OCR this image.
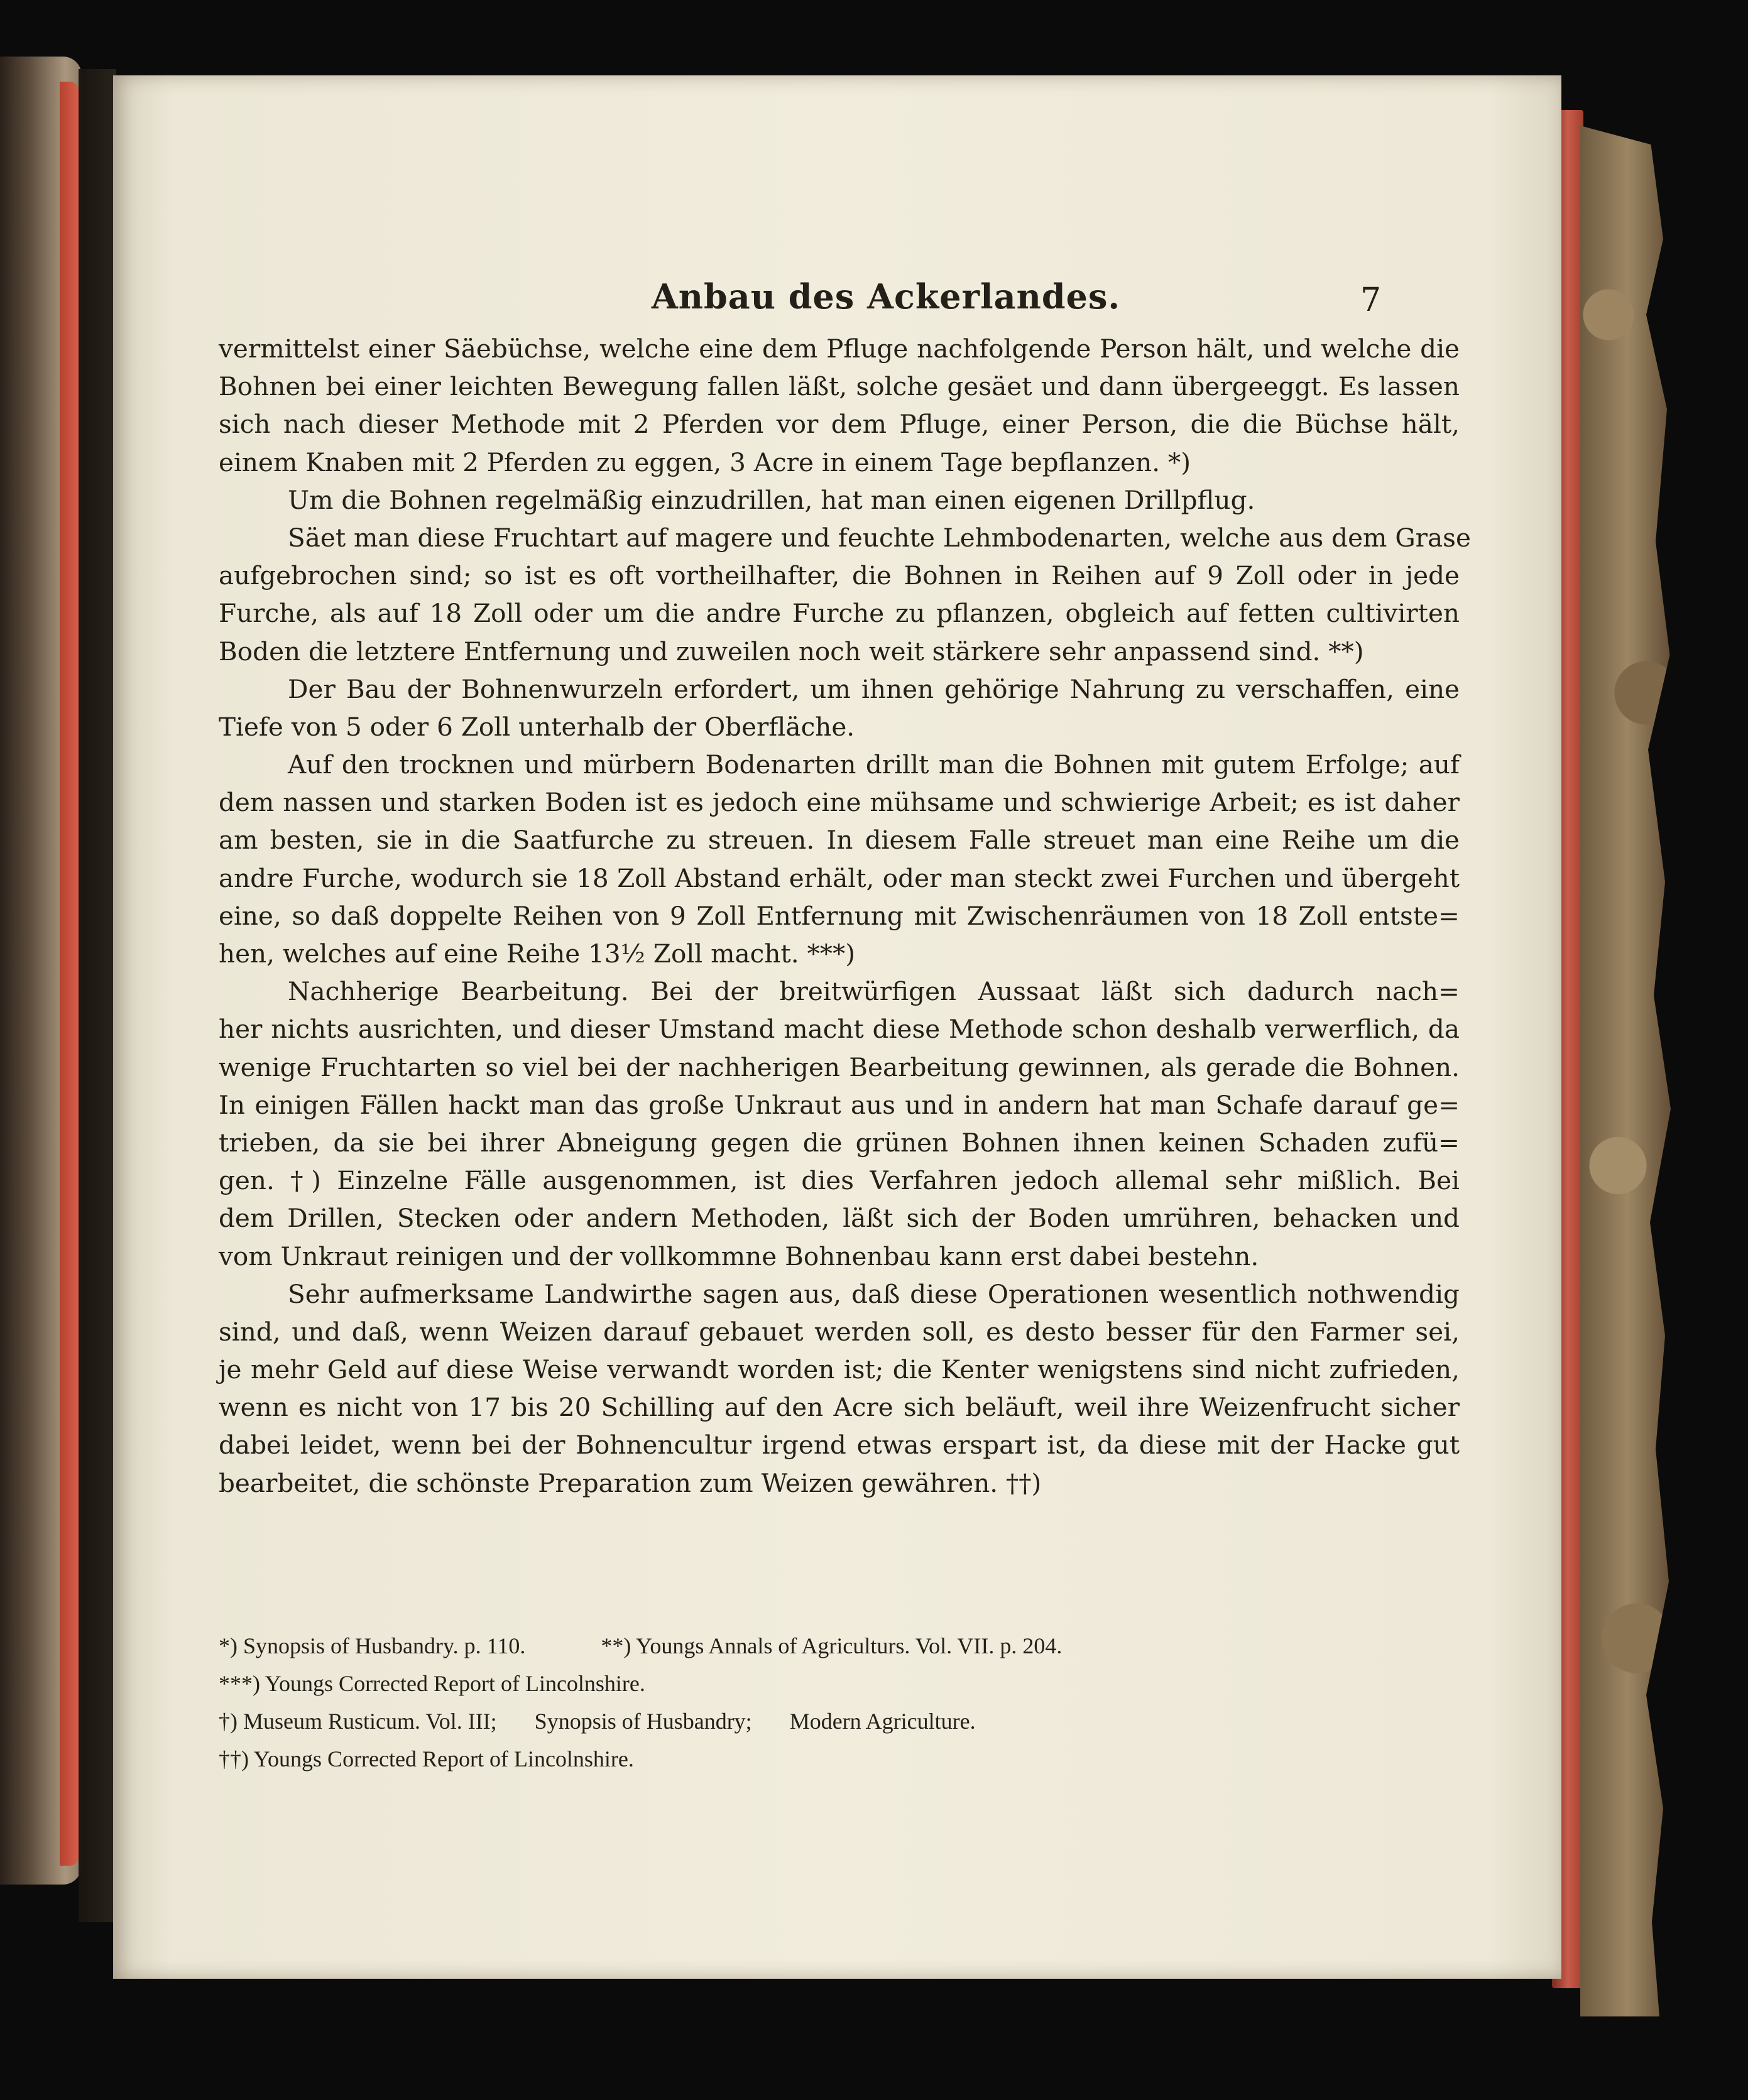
Anbau des Ackerlandes.	7
vermittelst einer Säebüchse, welche eine dem Pfluge nachfolgende Person hält, und welche die
Bohnen bei einer leichten Bewegung fallen läßt, solche gesäet und dann übergeeggt. Es lassen
sich nach dieser Methode mit 2 Pferden vor dem Pfluge, einer Person, die die Büchse hält,
einem Knaben mit 2 Pferden zu eggen, 3 Acre in einem Tage bepflanzen. *)
Um die Bohnen regelmäßig einzudrillen, hat man einen eigenen Drillpflug.
Säet man diese Fruchtart auf magere und feuchte Lehmbodenarten, welche aus dem Grase
aufgebrochen sind; so ist es oft vortheilhafter, die Bohnen in Reihen auf 9 Zoll oder in jede
Furche, als auf 18 Zoll oder um die andre Furche zu pflanzen, obgleich auf fetten cultivirten
Boden die letztere Entfernung und zuweilen noch weit stärkere sehr anpassend sind. **)
Der Bau der Bohnenwurzeln erfordert, um ihnen gehörige Nahrung zu verschaffen, eine
Tiefe von 5 oder 6 Zoll unterhalb der Oberfläche.
Auf den trocknen und mürbern Bodenarten drillt man die Bohnen mit gutem Erfolge; auf
dem nassen und starken Boden ist es jedoch eine mühsame und schwierige Arbeit; es ist daher
am besten, sie in die Saatfurche zu streuen. In diesem Falle streuet man eine Reihe um die
andre Furche, wodurch sie 18 Zoll Abstand erhält, oder man steckt zwei Furchen und übergeht
eine, so daß doppelte Reihen von 9 Zoll Entfernung mit Zwischenräumen von 18 Zoll entste=
hen, welches auf eine Reihe 13½ Zoll macht. ***)
Nachherige Bearbeitung. Bei der breitwürfigen Aussaat läßt sich dadurch nach=
her nichts ausrichten, und dieser Umstand macht diese Methode schon deshalb verwerflich, da
wenige Fruchtarten so viel bei der nachherigen Bearbeitung gewinnen, als gerade die Bohnen.
In einigen Fällen hackt man das große Unkraut aus und in andern hat man Schafe darauf ge=
trieben, da sie bei ihrer Abneigung gegen die grünen Bohnen ihnen keinen Schaden zufü=
gen. †) Einzelne Fälle ausgenommen, ist dies Verfahren jedoch allemal sehr mißlich. Bei
dem Drillen, Stecken oder andern Methoden, läßt sich der Boden umrühren, behacken und
vom Unkraut reinigen und der vollkommne Bohnenbau kann erst dabei bestehn.
Sehr aufmerksame Landwirthe sagen aus, daß diese Operationen wesentlich nothwendig
sind, und daß, wenn Weizen darauf gebauet werden soll, es desto besser für den Farmer sei,
je mehr Geld auf diese Weise verwandt worden ist; die Kenter wenigstens sind nicht zufrieden,
wenn es nicht von 17 bis 20 Schilling auf den Acre sich beläuft, weil ihre Weizenfrucht sicher
dabei leidet, wenn bei der Bohnencultur irgend etwas erspart ist, da diese mit der Hacke gut
bearbeitet, die schönste Preparation zum Weizen gewähren. ††)
*) Synopsis of Husbandry. p. 110.	**) Youngs Annals of Agriculturs. Vol. VII. p. 204.
***) Youngs Corrected Report of Lincolnshire.
†) Museum Rusticum. Vol. III; Synopsis of Husbandry; Modern Agriculture.
††) Youngs Corrected Report of Lincolnshire.
